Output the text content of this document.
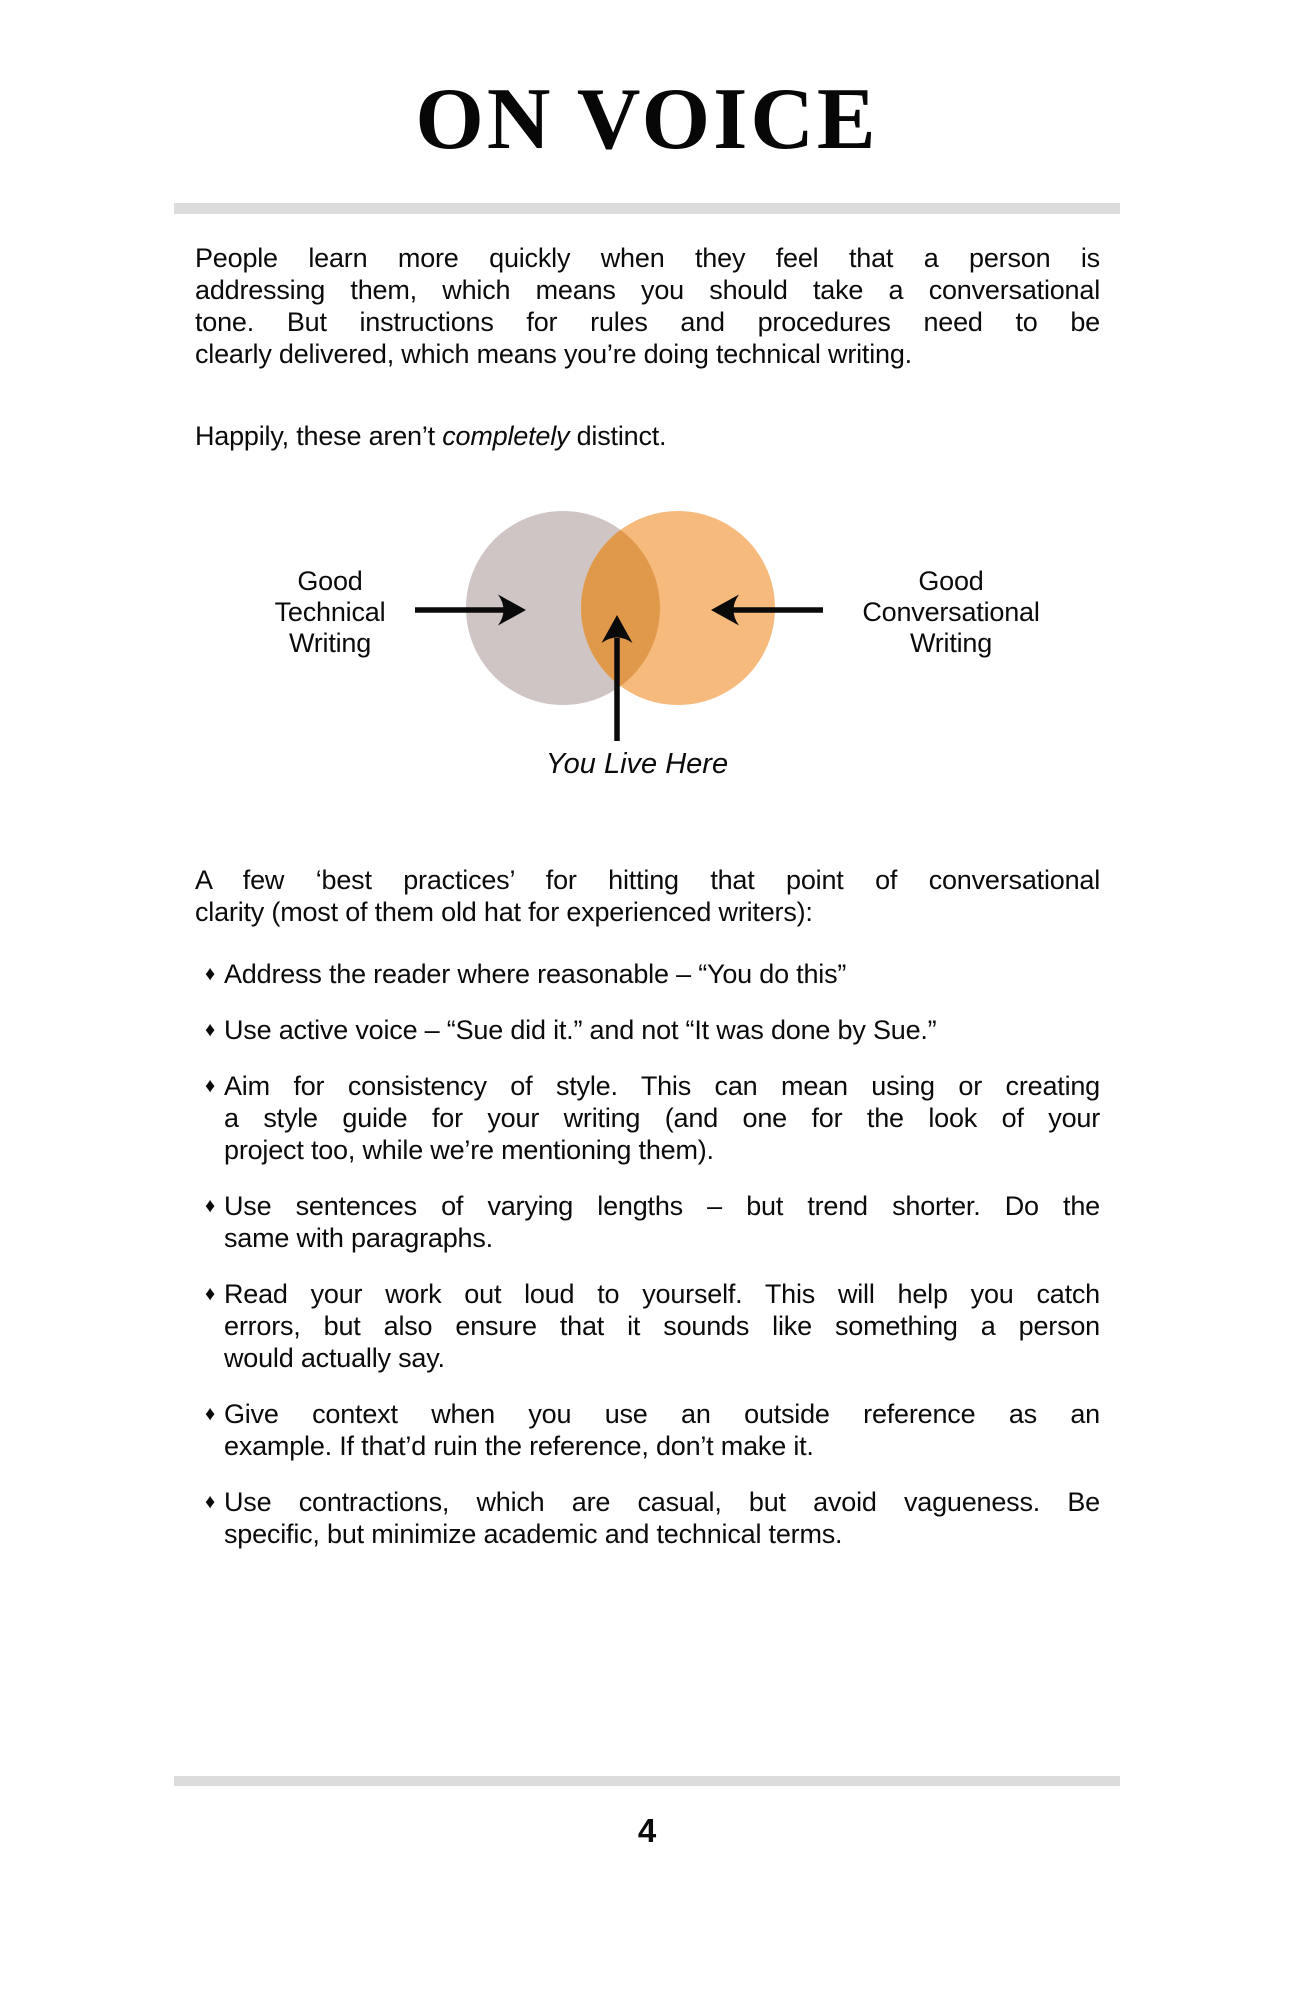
ON VOICE
People learn more quickly when they feel that a person is
addressing them, which means you should take a conversational
tone. But instructions for rules and procedures need to be
clearly delivered, which means you’re doing technical writing.
Happily, these aren’t completely distinct.
Good
Technical
Writing
Good
Conversational
Writing
You Live Here
A few ‘best practices’ for hitting that point of conversational
clarity (most of them old hat for experienced writers):
♦ Address the reader where reasonable – “You do this”
♦ Use active voice – “Sue did it.” and not “It was done by Sue.”
♦ Aim for consistency of style. This can mean using or creating
a style guide for your writing (and one for the look of your
project too, while we’re mentioning them).
♦ Use sentences of varying lengths – but trend shorter. Do the
same with paragraphs.
♦ Read your work out loud to yourself. This will help you catch
errors, but also ensure that it sounds like something a person
would actually say.
♦ Give context when you use an outside reference as an
example. If that’d ruin the reference, don’t make it.
♦ Use contractions, which are casual, but avoid vagueness. Be
specific, but minimize academic and technical terms.
4
